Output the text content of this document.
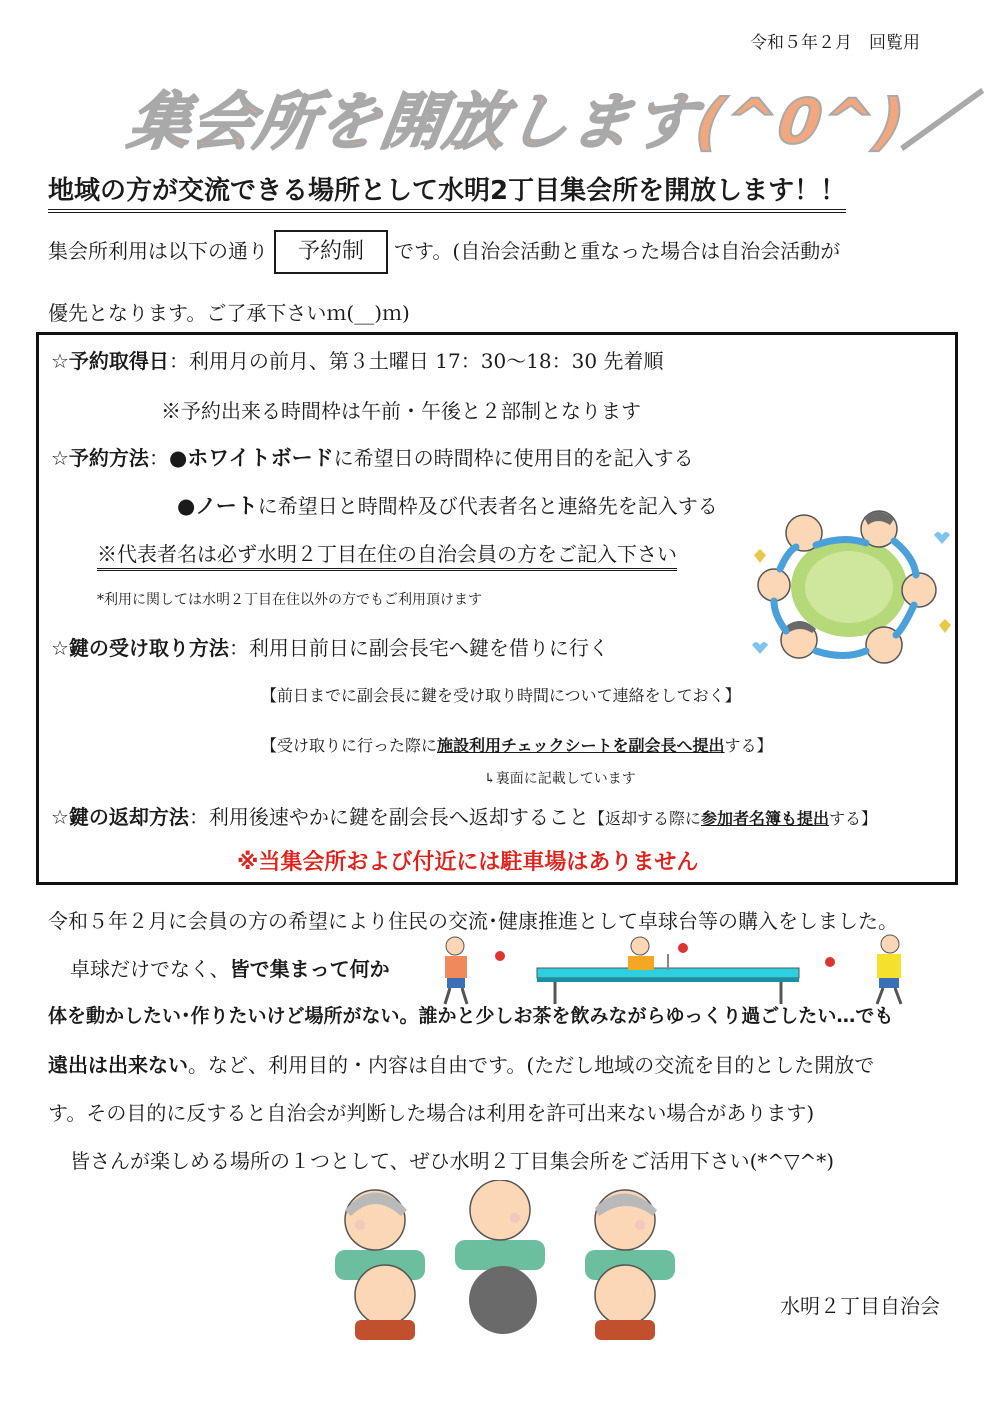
令和５年２月　回覧用
集会所を開放します(^0^)／
地域の方が交流できる場所として水明2丁目集会所を開放します！！
集会所利用は以下の通り 予約制 です。(自治会活動と重なった場合は自治会活動が
優先となります。ご了承下さいｍ(__)ｍ)
☆予約取得日：利用月の前月、第３土曜日 17：30～18：30 先着順
※予約出来る時間枠は午前・午後と２部制となります
☆予約方法：●ホワイトボードに希望日の時間枠に使用目的を記入する
●ノートに希望日と時間枠及び代表者名と連絡先を記入する
※代表者名は必ず水明２丁目在住の自治会員の方をご記入下さい
*利用に関しては水明２丁目在住以外の方でもご利用頂けます
☆鍵の受け取り方法：利用日前日に副会長宅へ鍵を借りに行く
【前日までに副会長に鍵を受け取り時間について連絡をしておく】
【受け取りに行った際に施設利用チェックシートを副会長へ提出する】
↳裏面に記載しています
☆鍵の返却方法：利用後速やかに鍵を副会長へ返却すること【返却する際に参加者名簿も提出する】
※当集会所および付近には駐車場はありません
令和５年２月に会員の方の希望により住民の交流･健康推進として卓球台等の購入をしました。
卓球だけでなく、皆で集まって何か
体を動かしたい･作りたいけど場所がない。誰かと少しお茶を飲みながらゆっくり過ごしたい…でも
遠出は出来ない。など、利用目的・内容は自由です。(ただし地域の交流を目的とした開放で
す。その目的に反すると自治会が判断した場合は利用を許可出来ない場合があります)
皆さんが楽しめる場所の１つとして、ぜひ水明２丁目集会所をご活用下さい(*^▽^*)
水明２丁目自治会
